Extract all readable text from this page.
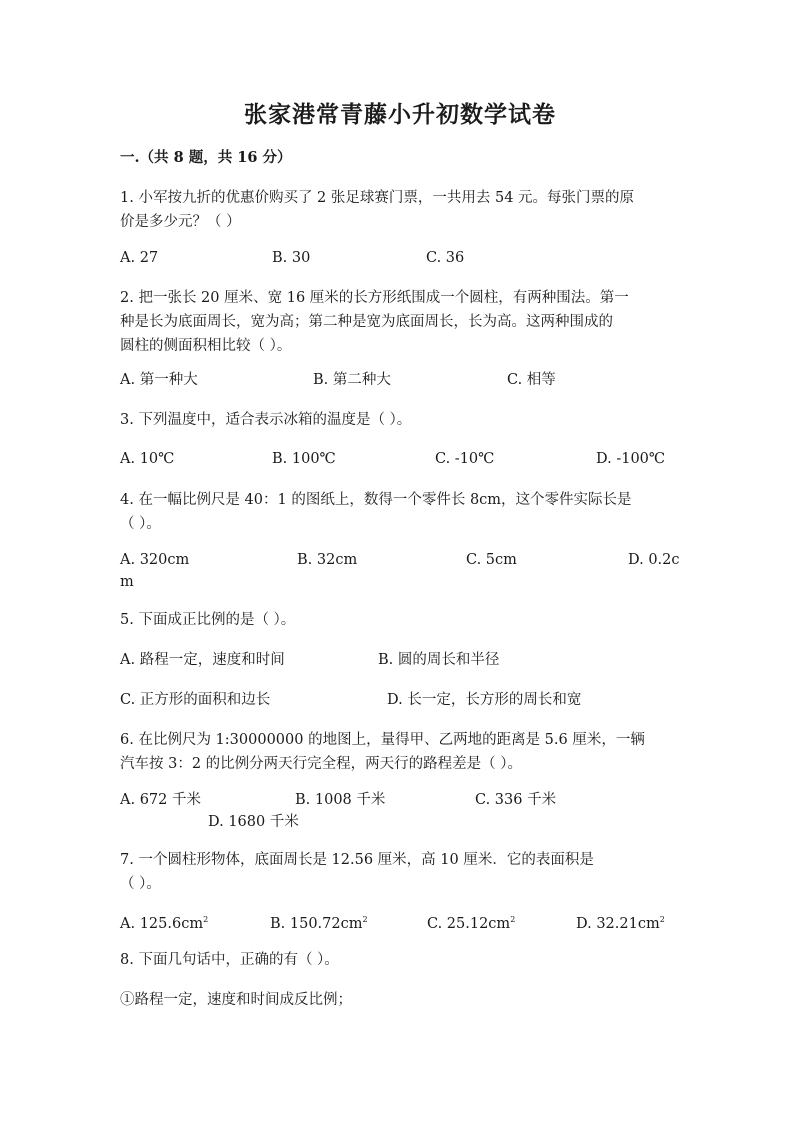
张家港常青藤小升初数学试卷
一.（共 8 题，共 16 分）
1. 小军按九折的优惠价购买了 2 张足球赛门票，一共用去 54 元。每张门票的原
价是多少元？（ ）
A. 27	B. 30	C. 36
2. 把一张长 20 厘米、宽 16 厘米的长方形纸围成一个圆柱，有两种围法。第一
种是长为底面周长，宽为高；第二种是宽为底面周长，长为高。这两种围成的
圆柱的侧面积相比较（ ）。
A. 第一种大	B. 第二种大	C. 相等
3. 下列温度中，适合表示冰箱的温度是（ ）。
A. 10℃	B. 100℃	C. -10℃	D. -100℃
4. 在一幅比例尺是 40：1 的图纸上，数得一个零件长 8cm，这个零件实际长是
（ ）。
A. 320cm	B. 32cm	C. 5cm	D. 0.2c
m
5. 下面成正比例的是（ ）。
A. 路程一定，速度和时间	B. 圆的周长和半径
C. 正方形的面积和边长	D. 长一定，长方形的周长和宽
6. 在比例尺为 1:30000000 的地图上，量得甲、乙两地的距离是 5.6 厘米，一辆
汽车按 3：2 的比例分两天行完全程，两天行的路程差是（ ）。
A. 672 千米	B. 1008 千米	C. 336 千米
D. 1680 千米
7. 一个圆柱形物体，底面周长是 12.56 厘米，高 10 厘米．它的表面积是
（ ）。
A. $125.6cm^2$	B. $150.72cm^2$	C. $25.12cm^2$	D. $32.21cm^2$
8. 下面几句话中，正确的有（ ）。
①路程一定，速度和时间成反比例；
